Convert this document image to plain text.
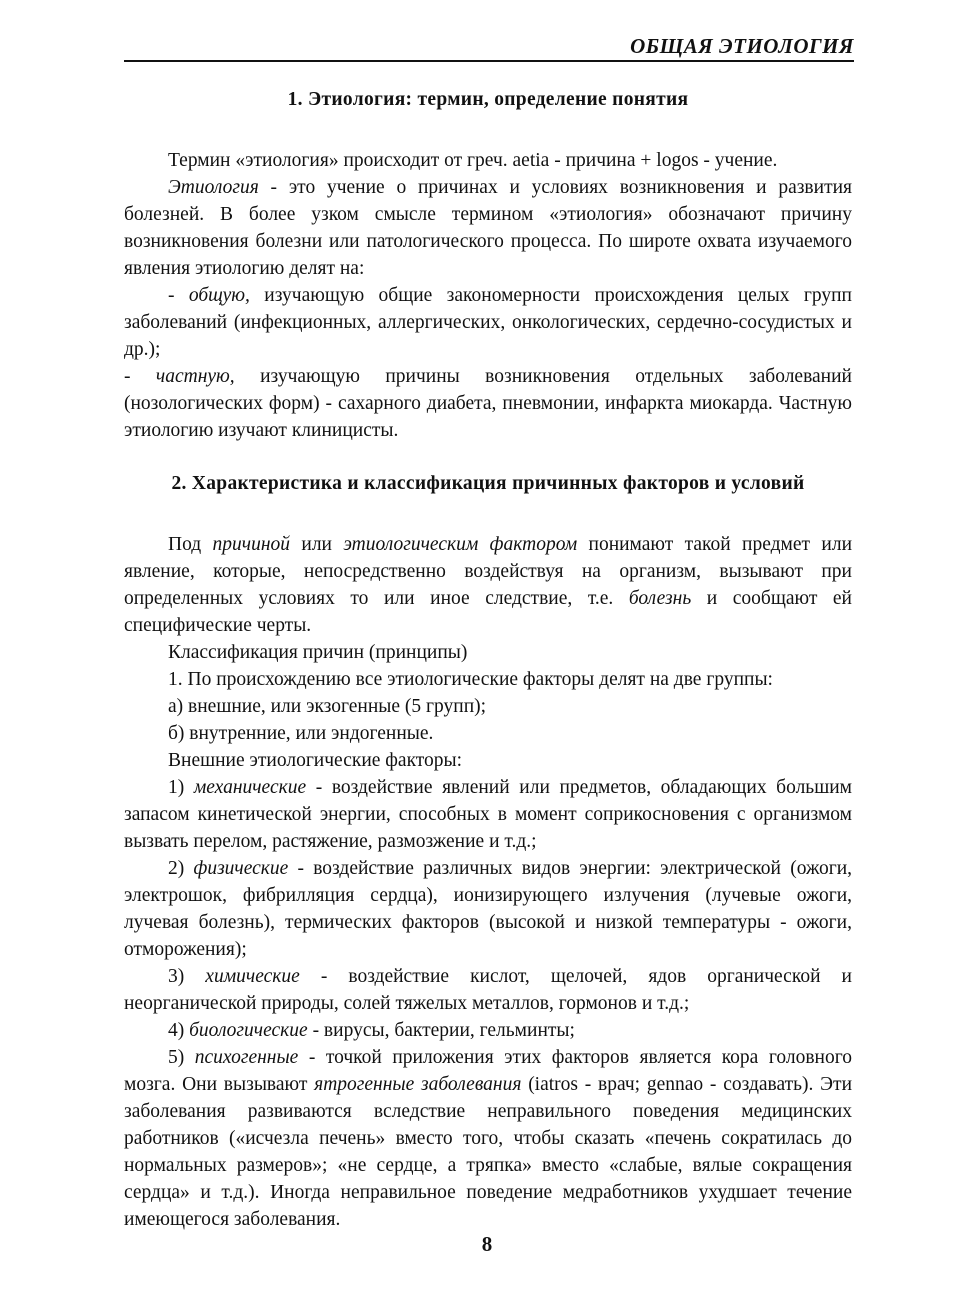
ОБЩАЯ ЭТИОЛОГИЯ
1. Этиология: термин, определение понятия

Термин «этиология» происходит от греч. aetia - причина + logos - учение.

Этиология - это учение о причинах и условиях возникновения и развития болезней. В более узком смысле термином «этиология» обозначают причину возникновения болезни или патологического процесса. По широте охвата изучаемого явления этиологию делят на:

- общую, изучающую общие закономерности происхождения целых групп заболеваний (инфекционных, аллергических, онкологических, сердечно-сосудистых и др.);

- частную, изучающую причины возникновения отдельных заболеваний (нозологических форм) - сахарного диабета, пневмонии, инфаркта миокарда. Частную этиологию изучают клиницисты.

2. Характеристика и классификация причинных факторов и условий

Под причиной или этиологическим фактором понимают такой предмет или явление, которые, непосредственно воздействуя на организм, вызывают при определенных условиях то или иное следствие, т.е. болезнь и сообщают ей специфические черты.

Классификация причин (принципы)

1. По происхождению все этиологические факторы делят на две группы:

а) внешние, или экзогенные (5 групп);

б) внутренние, или эндогенные.

Внешние этиологические факторы:

1) механические - воздействие явлений или предметов, обладающих большим запасом кинетической энергии, способных в момент соприкосновения с организмом вызвать перелом, растяжение, размозжение и т.д.;

2) физические - воздействие различных видов энергии: электрической (ожоги, электрошок, фибрилляция сердца), ионизирующего излучения (лучевые ожоги, лучевая болезнь), термических факторов (высокой и низкой температуры - ожоги, отморожения);

3) химические - воздействие кислот, щелочей, ядов органической и неорганической природы, солей тяжелых металлов, гормонов и т.д.;

4) биологические - вирусы, бактерии, гельминты;

5) психогенные - точкой приложения этих факторов является кора головного мозга. Они вызывают ятрогенные заболевания (iatros - врач; gennao - создавать). Эти заболевания развиваются вследствие неправильного поведения медицинских работников («исчезла печень» вместо того, чтобы сказать «печень сократилась до нормальных размеров»; «не сердце, а тряпка» вместо «слабые, вялые сокращения сердца» и т.д.). Иногда неправильное поведение медработников ухудшает течение имеющегося заболевания.

8
